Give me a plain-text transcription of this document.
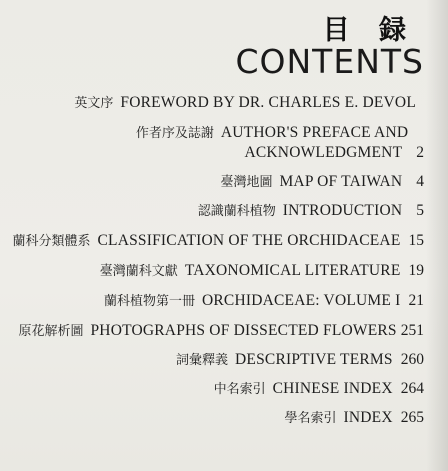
目 録
CONTENTS
英文序 FOREWORD BY DR. CHARLES E. DEVOL
作者序及誌謝 AUTHOR'S PREFACE AND
ACKNOWLEDGMENT 2
臺灣地圖 MAP OF TAIWAN 4
認識蘭科植物 INTRODUCTION 5
蘭科分類體系 CLASSIFICATION OF THE ORCHIDACEAE 15
臺灣蘭科文獻 TAXONOMICAL LITERATURE 19
蘭科植物第一冊 ORCHIDACEAE: VOLUME I 21
原花解析圖 PHOTOGRAPHS OF DISSECTED FLOWERS 251
詞彙釋義 DESCRIPTIVE TERMS 260
中名索引 CHINESE INDEX 264
學名索引 INDEX 265
